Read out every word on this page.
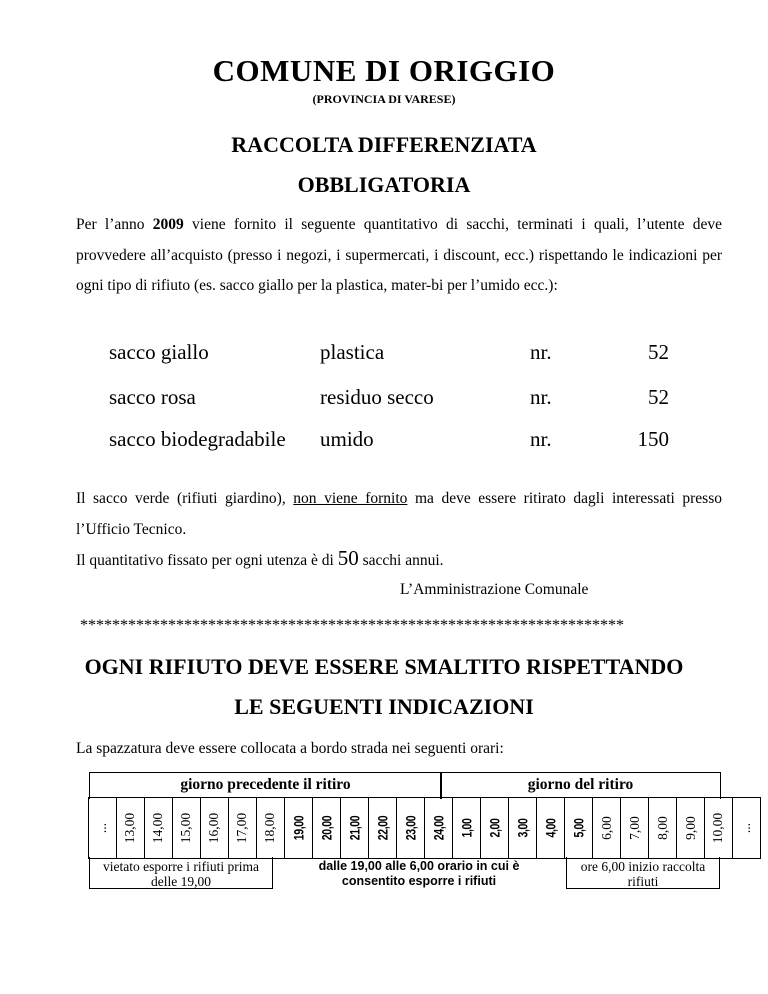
COMUNE DI ORIGGIO
(PROVINCIA DI VARESE)
RACCOLTA DIFFERENZIATA
OBBLIGATORIA
Per l’anno 2009 viene fornito il seguente quantitativo di sacchi, terminati i quali, l’utente deve provvedere all’acquisto (presso i negozi, i supermercati, i discount, ecc.) rispettando le indicazioni per ogni tipo di rifiuto (es. sacco giallo per la plastica, mater-bi per l’umido ecc.):
sacco giallo	plastica	nr.	52
sacco rosa	residuo secco	nr.	52
sacco biodegradabile umido	nr.	150
Il sacco verde (rifiuti giardino), non viene fornito ma deve essere ritirato dagli interessati presso l’Ufficio Tecnico.
Il quantitativo fissato per ogni utenza è di 50 sacchi annui.
L’Amministrazione Comunale
********************************************************************
OGNI RIFIUTO DEVE ESSERE SMALTITO RISPETTANDO
LE SEGUENTI INDICAZIONI
La spazzatura deve essere collocata a bordo strada nei seguenti orari:
giorno precedente il ritiro	giorno del ritiro
... 13,00 14,00 15,00 16,00 17,00 18,00 19,00 20,00 21,00 22,00 23,00 24,00 1,00 2,00 3,00 4,00 5,00 6,00 7,00 8,00 9,00 10,00 ...
vietato esporre i rifiuti prima delle 19,00
dalle 19,00 alle 6,00 orario in cui è consentito esporre i rifiuti
ore 6,00 inizio raccolta rifiuti
